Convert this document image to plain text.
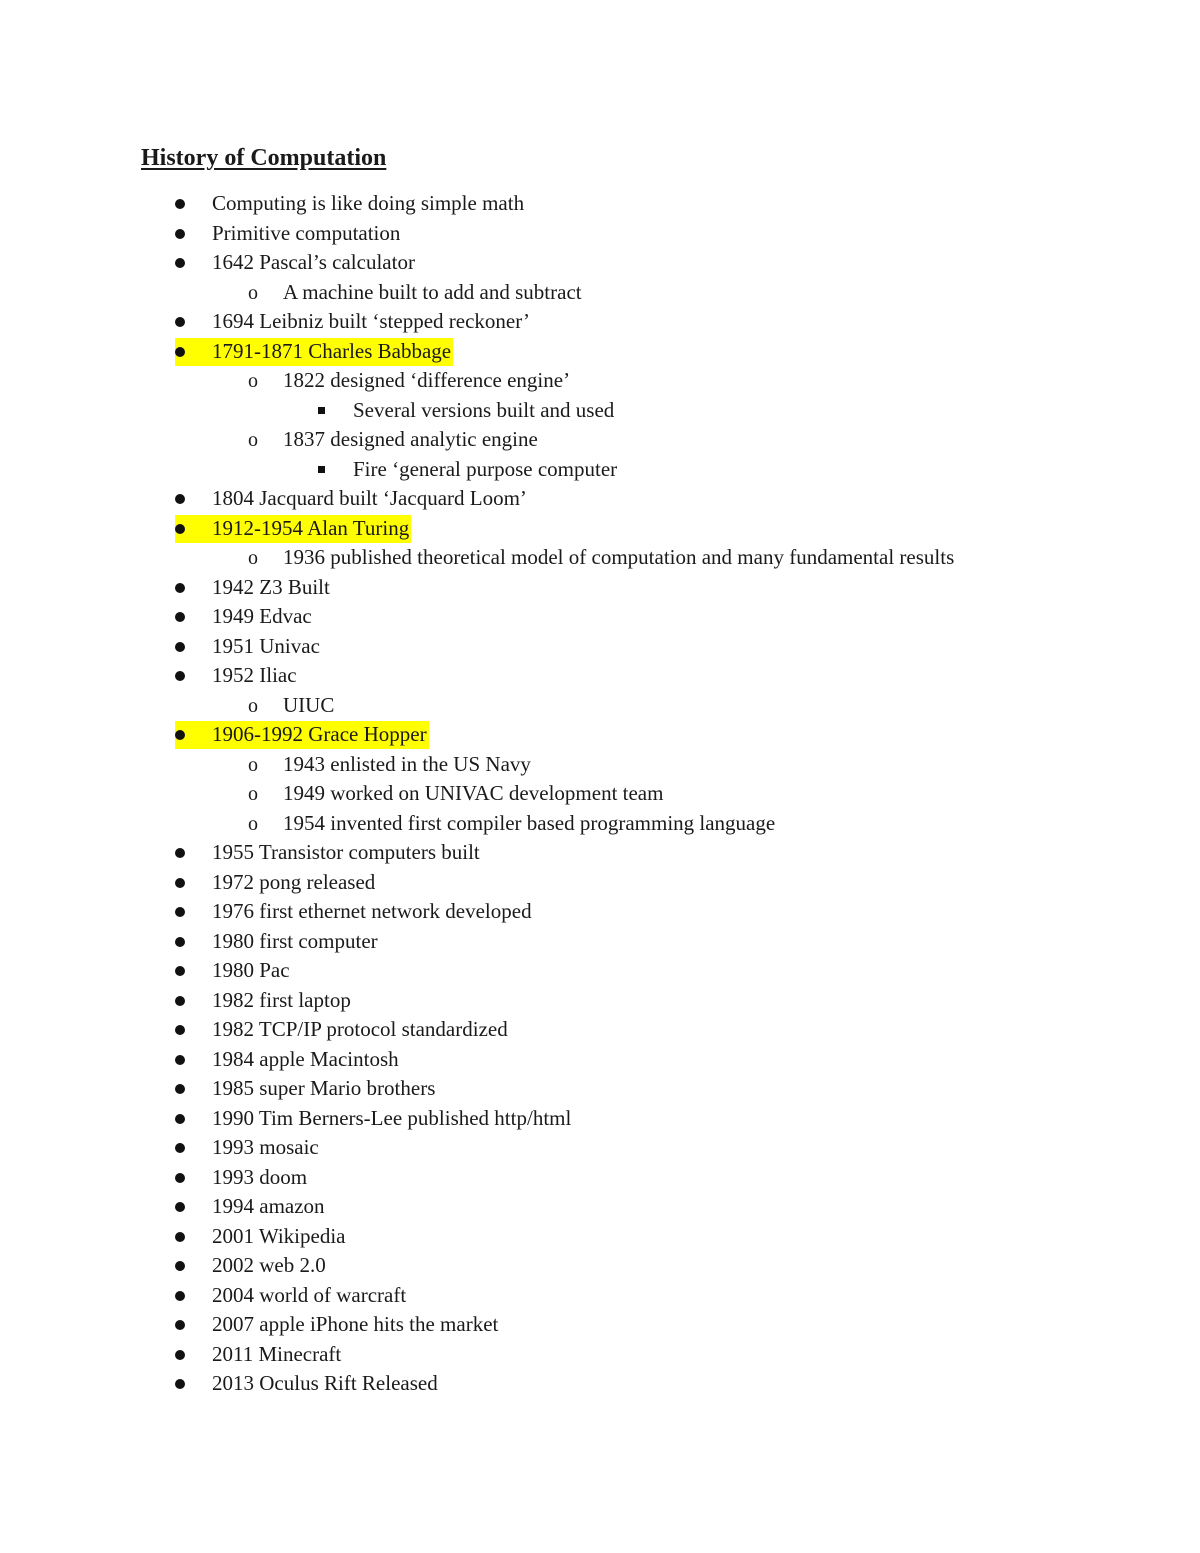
History of Computation
Computing is like doing simple math
Primitive computation
1642 Pascal’s calculator
o A machine built to add and subtract
1694 Leibniz built ‘stepped reckoner’
1791-1871 Charles Babbage
o 1822 designed ‘difference engine’
Several versions built and used
o 1837 designed analytic engine
Fire ‘general purpose computer
1804 Jacquard built ‘Jacquard Loom’
1912-1954 Alan Turing
o 1936 published theoretical model of computation and many fundamental results
1942 Z3 Built
1949 Edvac
1951 Univac
1952 Iliac
o UIUC
1906-1992 Grace Hopper
o 1943 enlisted in the US Navy
o 1949 worked on UNIVAC development team
o 1954 invented first compiler based programming language
1955 Transistor computers built
1972 pong released
1976 first ethernet network developed
1980 first computer
1980 Pac
1982 first laptop
1982 TCP/IP protocol standardized
1984 apple Macintosh
1985 super Mario brothers
1990 Tim Berners-Lee published http/html
1993 mosaic
1993 doom
1994 amazon
2001 Wikipedia
2002 web 2.0
2004 world of warcraft
2007 apple iPhone hits the market
2011 Minecraft
2013 Oculus Rift Released
